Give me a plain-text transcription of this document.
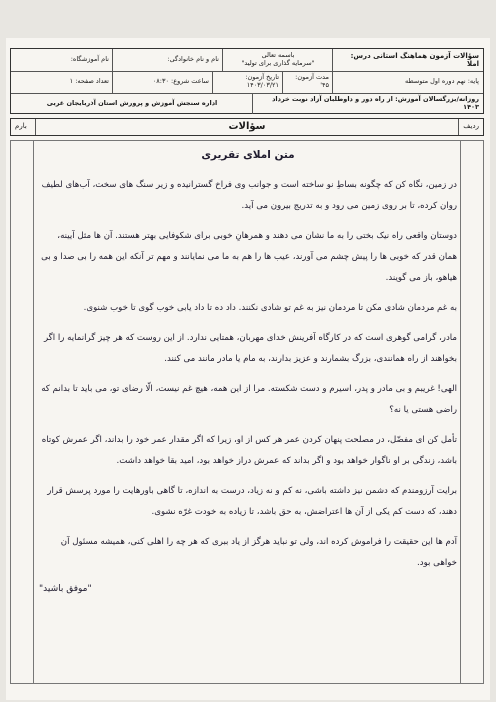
سؤالات آزمون هماهنگ استانی درس: املا
باسمه تعالی
"سرمایه گذاری برای تولید"
نام و نام خانوادگی:
نام آموزشگاه:
پایه: نهم دوره اول متوسطه
مدت آزمون: ۴۵'
تاریخ آزمون: ۱۴۰۳/۰۳/۲۱
ساعت شروع: ۰۸:۳۰
تعداد صفحه: ۱
روزانه/بزرگسالان آموزش: از راه دور و داوطلبان آزاد نوبت خرداد ۱۴۰۳
اداره سنجش آموزش و پرورش استان آذربایجان غربی
ردیف
سؤالات
بارم
متن املای تقریری

در زمین، نگاه کن که چگونه بساطِ نو ساخته است و جوانب وی فراخ گسترانیده و زیر سنگ های سخت، آب‌های لطیف روان کرده، تا بر روی زمین می رود و به تدریج بیرون می آید.

دوستان واقعی راه نیک بختی را به ما نشان می دهند و همرهانِ خوبی برای شکوفایی بهتر هستند. آن ها مثل آیینه، همان قدر که خوبی ها را پیش چشم می آورند، عیب ها را هم به ما می نمایانند و مهم تر آنکه این همه را بی صدا و بی هیاهو، باز می گویند.

به غم مردمان شادی مکن تا مردمان نیز به غم تو شادی نکنند. داد ده تا داد یابی خوب گوی تا خوب شنوی.

مادر، گرامی گوهری است که در کارگاه آفرینش خدای مهربان، همتایی ندارد. از این روست که هر چیز گرانمایه را اگر بخواهند از راه همانندی، بزرگ بشمارند و عزیز بدارند، به مام یا مادر مانند می کنند.

الهی! غریبم و بی مادر و پدر، اسیرم و دست شکسته. مرا از این همه، هیچ غم نیست، الّا رضای تو، می باید تا بدانم که راضی هستی یا نه؟

تأمل کن ای مفضّل، در مصلحت پنهان کردن عمر هر کس از او، زیرا که اگر مقدار عمر خود را بداند، اگر عمرش کوتاه باشد، زندگی بر او ناگوار خواهد بود و اگر بداند که عمرش دراز خواهد بود، امید بقا خواهد داشت.

برایت آرزومندم که دشمن نیز داشته باشی، نه کم و نه زیاد، درست به اندازه، تا گاهی باورهایت را مورد پرسش قرار دهند، که دست کم یکی از آن ها اعتراضش، به حق باشد، تا زیاده به خودت غرّه نشوی.

آدم ها این حقیقت را فراموش کرده اند، ولی تو نباید هرگز از یاد ببری که هر چه را اهلی کنی، همیشه مسئول آن خواهی بود.

"موفق باشید"
